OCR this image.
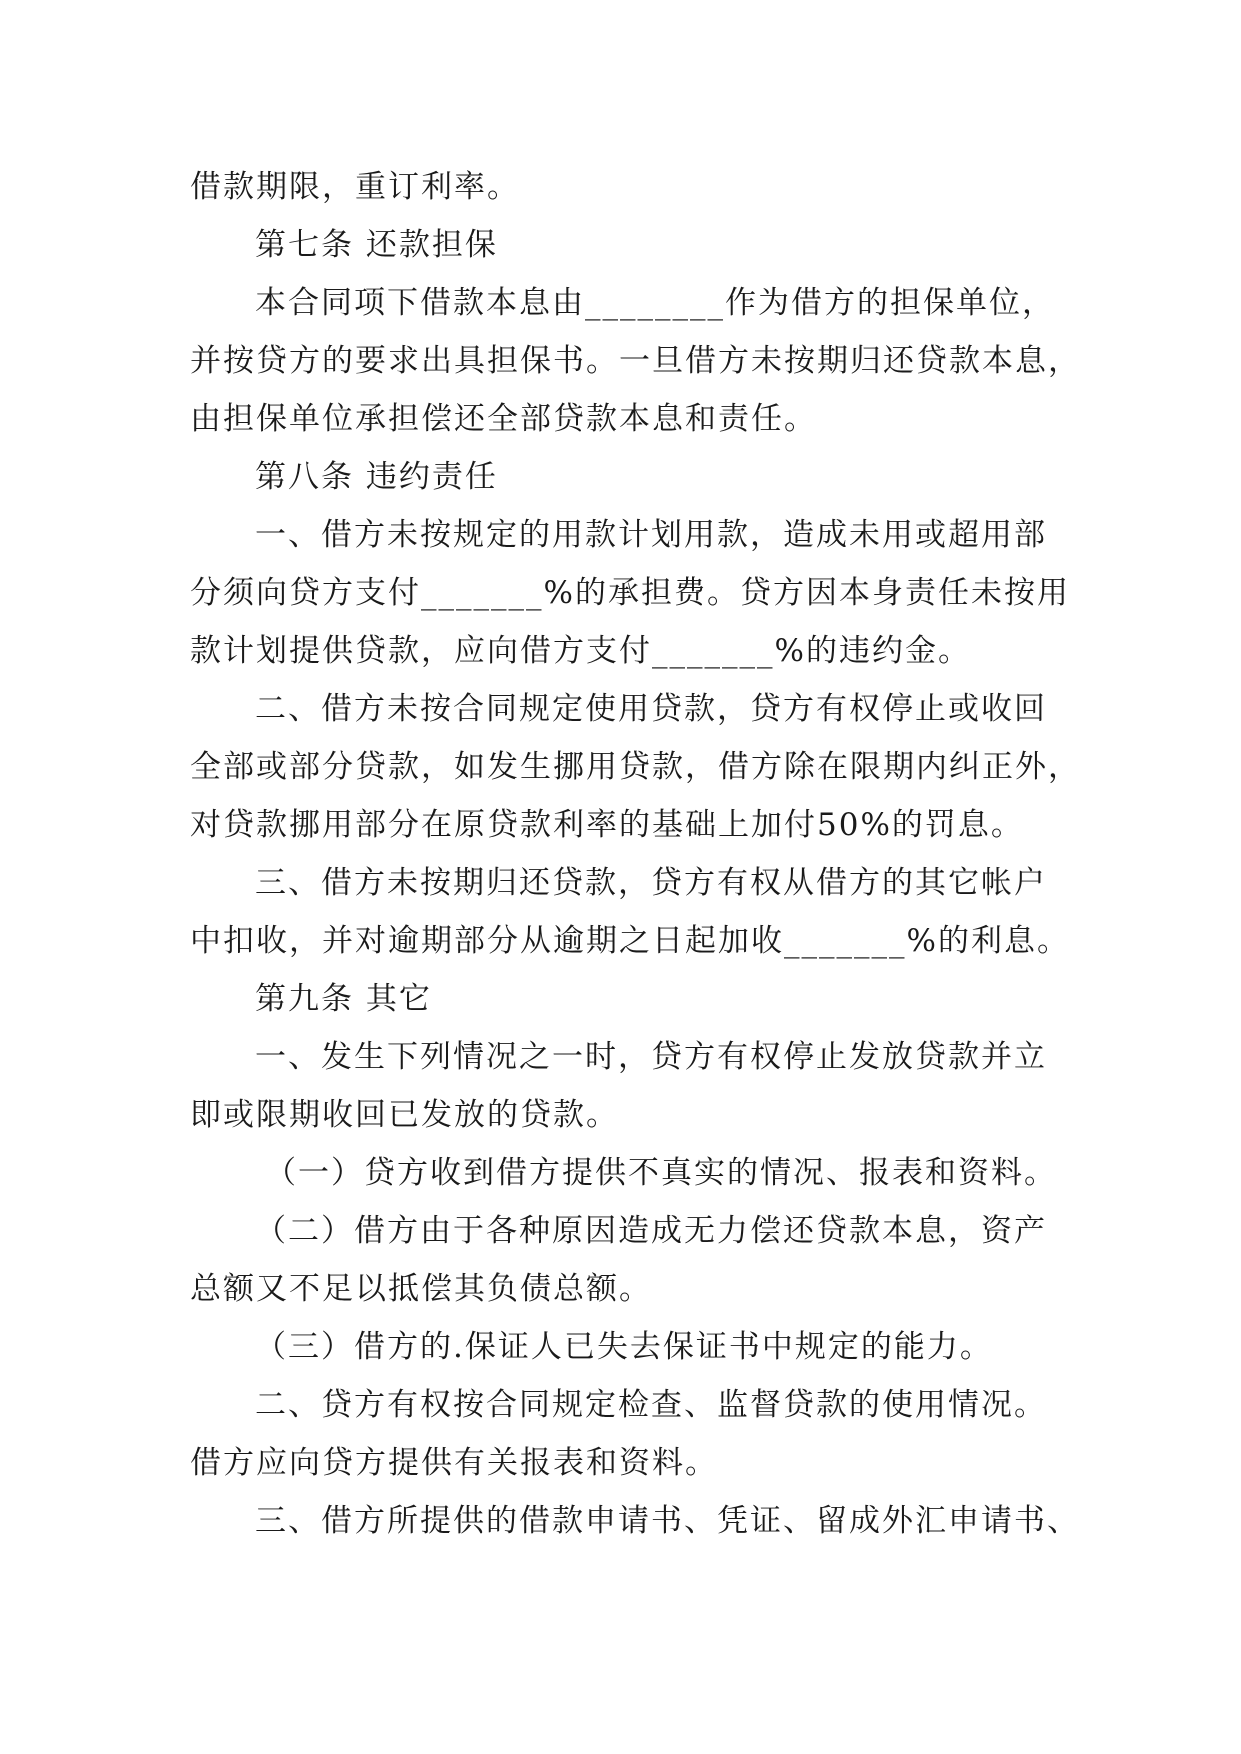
借款期限，重订利率。
第七条 还款担保
本合同项下借款本息由________作为借方的担保单位，
并按贷方的要求出具担保书。一旦借方未按期归还贷款本息，
由担保单位承担偿还全部贷款本息和责任。
第八条 违约责任
一、借方未按规定的用款计划用款，造成未用或超用部
分须向贷方支付_______%的承担费。贷方因本身责任未按用
款计划提供贷款，应向借方支付_______%的违约金。
二、借方未按合同规定使用贷款，贷方有权停止或收回
全部或部分贷款，如发生挪用贷款，借方除在限期内纠正外，
对贷款挪用部分在原贷款利率的基础上加付50%的罚息。
三、借方未按期归还贷款，贷方有权从借方的其它帐户
中扣收，并对逾期部分从逾期之日起加收_______%的利息。
第九条 其它
一、发生下列情况之一时，贷方有权停止发放贷款并立
即或限期收回已发放的贷款。
（一）贷方收到借方提供不真实的情况、报表和资料。
（二）借方由于各种原因造成无力偿还贷款本息，资产
总额又不足以抵偿其负债总额。
（三）借方的.保证人已失去保证书中规定的能力。
二、贷方有权按合同规定检查、监督贷款的使用情况。
借方应向贷方提供有关报表和资料。
三、借方所提供的借款申请书、凭证、留成外汇申请书、
